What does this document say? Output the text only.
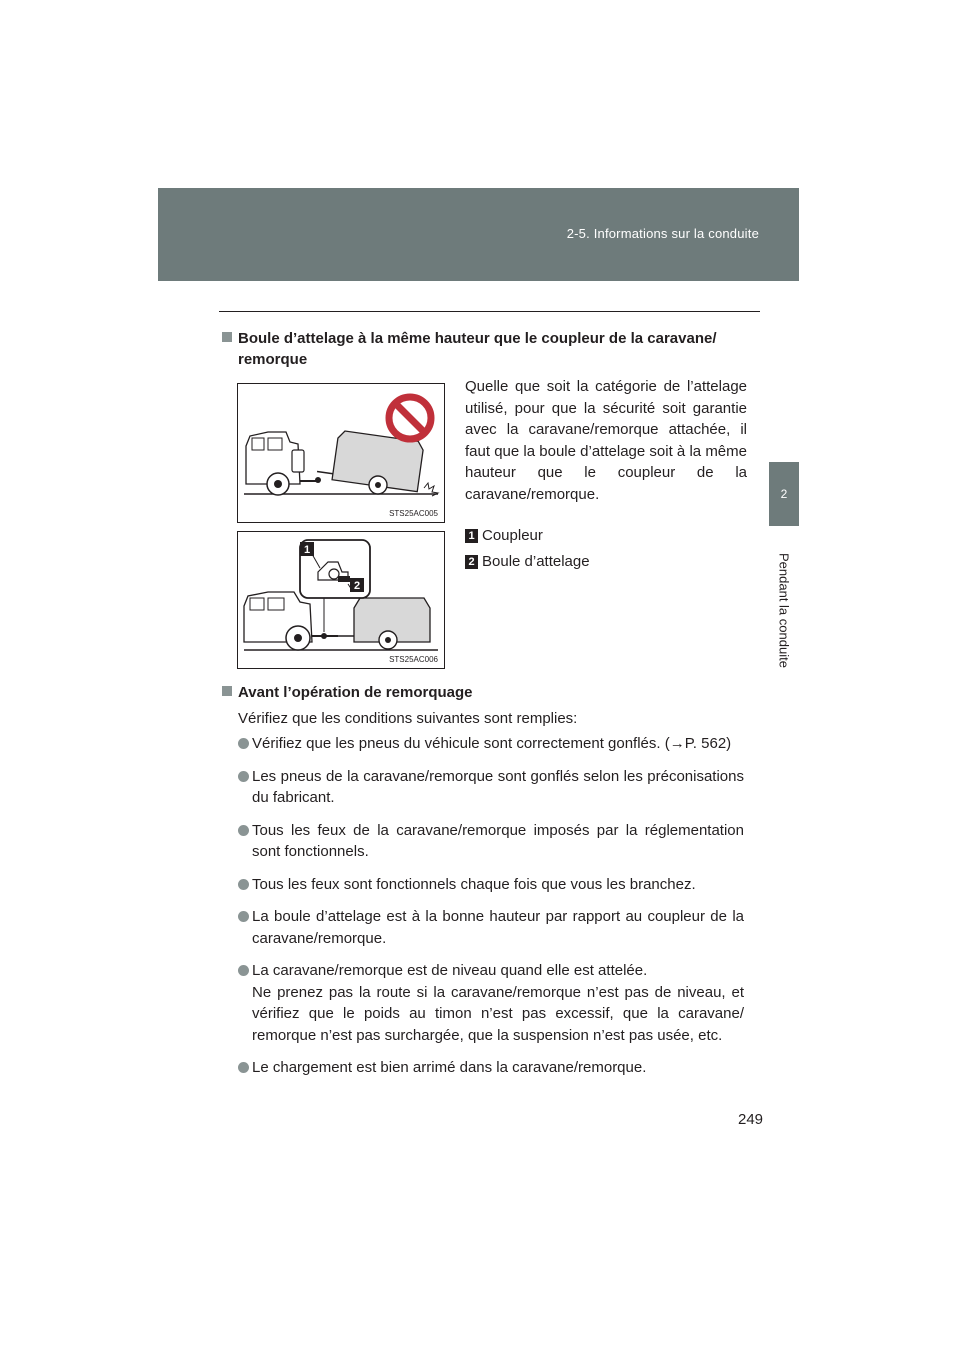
2-5. Informations sur la conduite
2
Pendant la conduite
Boule d’attelage à la même hauteur que le coupleur de la caravane/
remorque
STS25AC005
1
2
STS25AC006
Quelle que soit la catégorie de l’attelage utilisé, pour que la sécurité soit garantie avec la caravane/remorque attachée, il faut que la boule d’attelage soit à la même hauteur que le coupleur de la caravane/remorque.
1 Coupleur
2 Boule d’attelage
Avant l’opération de remorquage
Vérifiez que les conditions suivantes sont remplies:

Vérifiez que les pneus du véhicule sont correctement gonflés. (→P. 562)

Les pneus de la caravane/remorque sont gonflés selon les préconisations du fabricant.

Tous les feux de la caravane/remorque imposés par la réglementation sont fonctionnels.

Tous les feux sont fonctionnels chaque fois que vous les branchez.

La boule d’attelage est à la bonne hauteur par rapport au coupleur de la caravane/remorque.

La caravane/remorque est de niveau quand elle est attelée.

Ne prenez pas la route si la caravane/remorque n’est pas de niveau, et vérifiez que le poids au timon n’est pas excessif, que la caravane/ remorque n’est pas surchargée, que la suspension n’est pas usée, etc.

Le chargement est bien arrimé dans la caravane/remorque.

249
